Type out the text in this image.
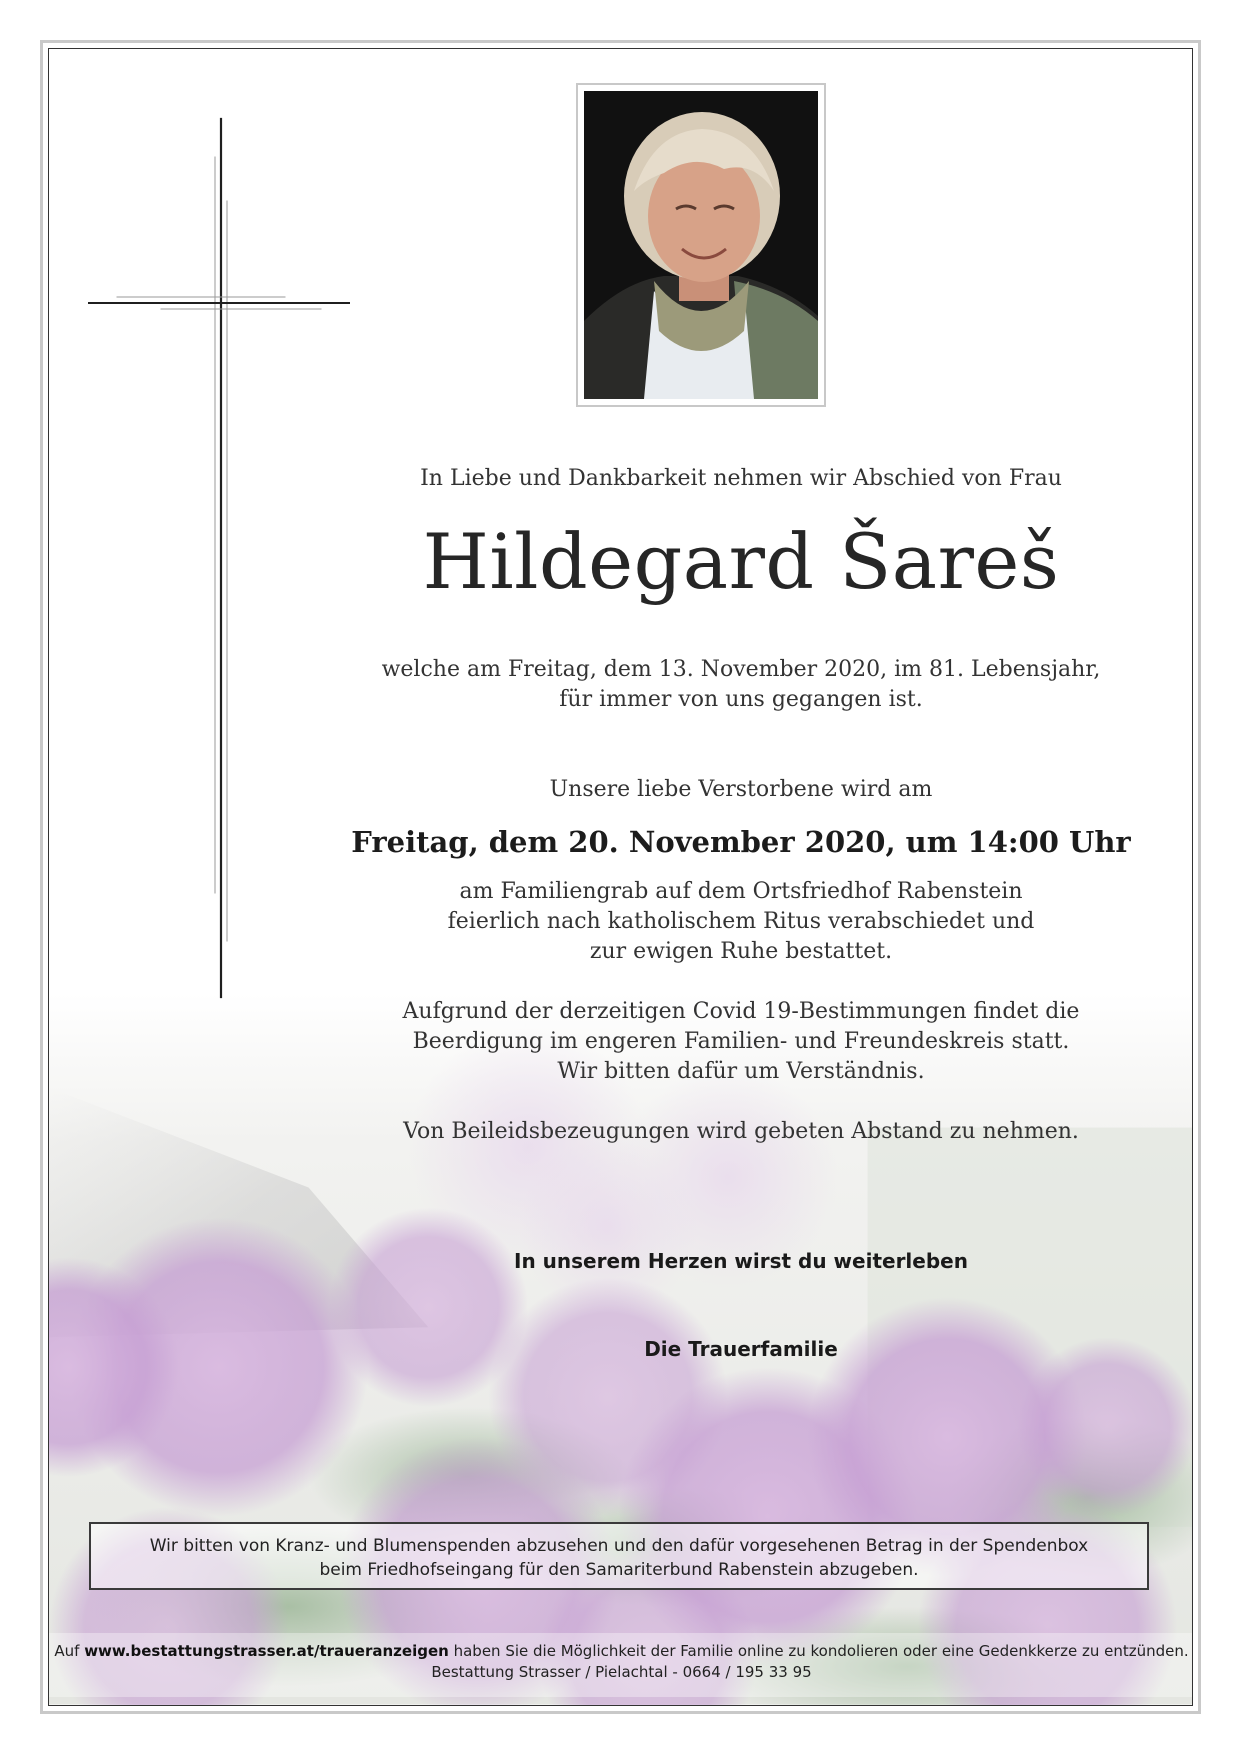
In Liebe und Dankbarkeit nehmen wir Abschied von Frau
Hildegard Šareš
welche am Freitag, dem 13. November 2020, im 81. Lebensjahr,
für immer von uns gegangen ist.
Unsere liebe Verstorbene wird am
Freitag, dem 20. November 2020, um 14:00 Uhr
am Familiengrab auf dem Ortsfriedhof Rabenstein
feierlich nach katholischem Ritus verabschiedet und
zur ewigen Ruhe bestattet.
Aufgrund der derzeitigen Covid 19-Bestimmungen findet die
Beerdigung im engeren Familien- und Freundeskreis statt.
Wir bitten dafür um Verständnis.
Von Beileidsbezeugungen wird gebeten Abstand zu nehmen.
In unserem Herzen wirst du weiterleben
Die Trauerfamilie
Wir bitten von Kranz- und Blumenspenden abzusehen und den dafür vorgesehenen Betrag in der Spendenbox
beim Friedhofseingang für den Samariterbund Rabenstein abzugeben.
Auf www.bestattungstrasser.at/traueranzeigen haben Sie die Möglichkeit der Familie online zu kondolieren oder eine Gedenkkerze zu entzünden.
Bestattung Strasser / Pielachtal - 0664 / 195 33 95
